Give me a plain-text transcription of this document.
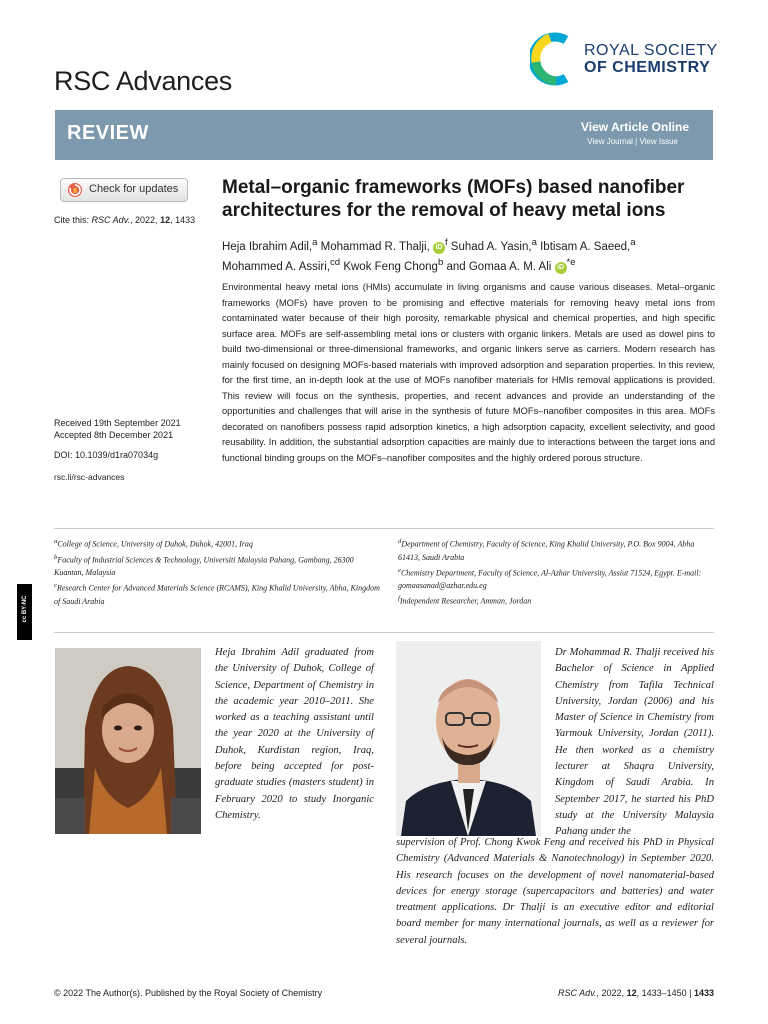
RSC Advances
ROYAL SOCIETY
OF CHEMISTRY
REVIEW	View Article Online
View Journal | View Issue
Check for updates
Cite this: RSC Adv., 2022, 12, 1433
Metal–organic frameworks (MOFs) based nanofiber architectures for the removal of heavy metal ions
Heja Ibrahim Adil,$^a$ Mohammad R. Thalji, iD $^f$ Suhad A. Yasin,$^a$ Ibtisam A. Saeed,$^a$
Mohammed A. Assiri,$^{cd}$ Kwok Feng Chong$^b$ and Gomaa A. M. Ali iD $^{*e}$
Environmental heavy metal ions (HMIs) accumulate in living organisms and cause various diseases. Metal–organic frameworks (MOFs) have proven to be promising and effective materials for removing heavy metal ions from contaminated water because of their high porosity, remarkable physical and chemical properties, and high specific surface area. MOFs are self-assembling metal ions or clusters with organic linkers. Metals are used as dowel pins to build two-dimensional or three-dimensional frameworks, and organic linkers serve as carriers. Modern research has mainly focused on designing MOFs-based materials with improved adsorption and separation properties. In this review, for the first time, an in-depth look at the use of MOFs nanofiber materials for HMIs removal applications is provided. This review will focus on the synthesis, properties, and recent advances and provide an understanding of the opportunities and challenges that will arise in the synthesis of future MOFs–nanofiber composites in this area. MOFs decorated on nanofibers possess rapid adsorption kinetics, a high adsorption capacity, excellent selectivity, and good reusability. In addition, the substantial adsorption capacities are mainly due to interactions between the target ions and functional binding groups on the MOFs–nanofiber composites and the highly ordered porous structure.
Received 19th September 2021
Accepted 8th December 2021
DOI: 10.1039/d1ra07034g
rsc.li/rsc-advances
$^a$College of Science, University of Duhok, Duhok, 42001, Iraq
$^b$Faculty of Industrial Sciences & Technology, Universiti Malaysia Pahang, Gambang, 26300 Kuantan, Malaysia
$^c$Research Center for Advanced Materials Science (RCAMS), King Khalid University, Abha, Kingdom of Saudi Arabia
$^d$Department of Chemistry, Faculty of Science, King Khalid University, P.O. Box 9004, Abha 61413, Saudi Arabia
$^e$Chemistry Department, Faculty of Science, Al-Azhar University, Assiut 71524, Egypt. E-mail: gomaasanad@azhar.edu.eg
$^f$Independent Researcher, Amman, Jordan
cc BY-NC
Heja Ibrahim Adil graduated from the University of Duhok, College of Science, Department of Chemistry in the academic year 2010–2011. She worked as a teaching assistant until the year 2020 at the University of Duhok, Kurdistan region, Iraq, before being accepted for post-graduate studies (masters student) in February 2020 to study Inorganic Chemistry.
Dr Mohammad R. Thalji received his Bachelor of Science in Applied Chemistry from Tafila Technical University, Jordan (2006) and his Master of Science in Chemistry from Yarmouk University, Jordan (2011). He then worked as a chemistry lecturer at Shaqra University, Kingdom of Saudi Arabia. In September 2017, he started his PhD study at the University Malaysia Pahang under the
supervision of Prof. Chong Kwok Feng and received his PhD in Physical Chemistry (Advanced Materials & Nanotechnology) in September 2020. His research focuses on the development of novel nanomaterial-based devices for energy storage (supercapacitors and batteries) and water treatment applications. Dr Thalji is an executive editor and editorial board member for many international journals, as well as a reviewer for several journals.
© 2022 The Author(s). Published by the Royal Society of Chemistry	RSC Adv., 2022, 12, 1433–1450 | 1433
